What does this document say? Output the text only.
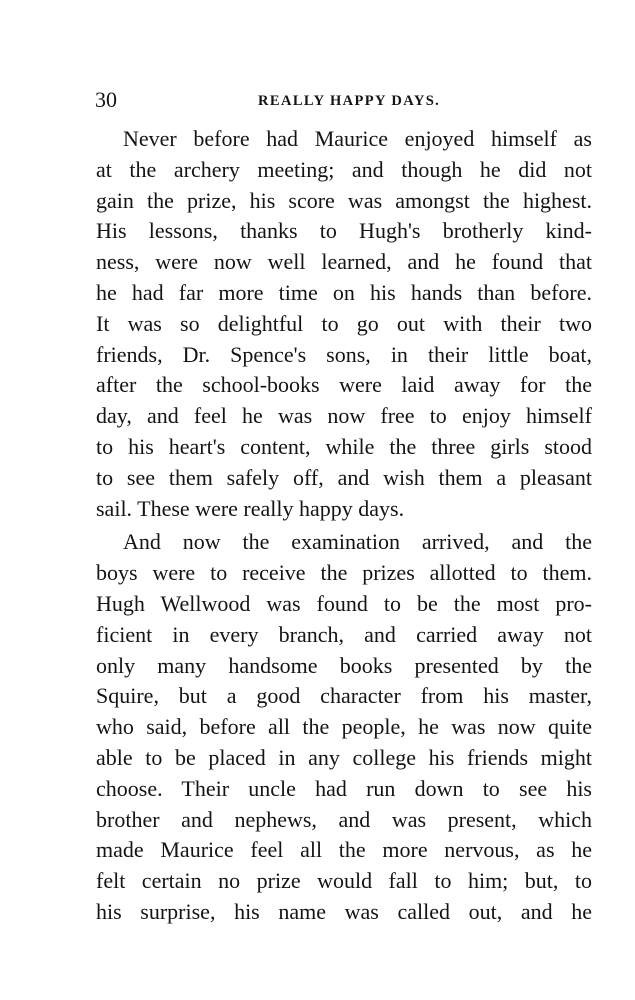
30	REALLY HAPPY DAYS.
Never before had Maurice enjoyed himself as
at the archery meeting; and though he did not
gain the prize, his score was amongst the highest.
His lessons, thanks to Hugh's brotherly kind-
ness, were now well learned, and he found that
he had far more time on his hands than before.
It was so delightful to go out with their two
friends, Dr. Spence's sons, in their little boat,
after the school-books were laid away for the
day, and feel he was now free to enjoy himself
to his heart's content, while the three girls stood
to see them safely off, and wish them a pleasant
sail. These were really happy days.
And now the examination arrived, and the
boys were to receive the prizes allotted to them.
Hugh Wellwood was found to be the most pro-
ficient in every branch, and carried away not
only many handsome books presented by the
Squire, but a good character from his master,
who said, before all the people, he was now quite
able to be placed in any college his friends might
choose. Their uncle had run down to see his
brother and nephews, and was present, which
made Maurice feel all the more nervous, as he
felt certain no prize would fall to him; but, to
his surprise, his name was called out, and he
